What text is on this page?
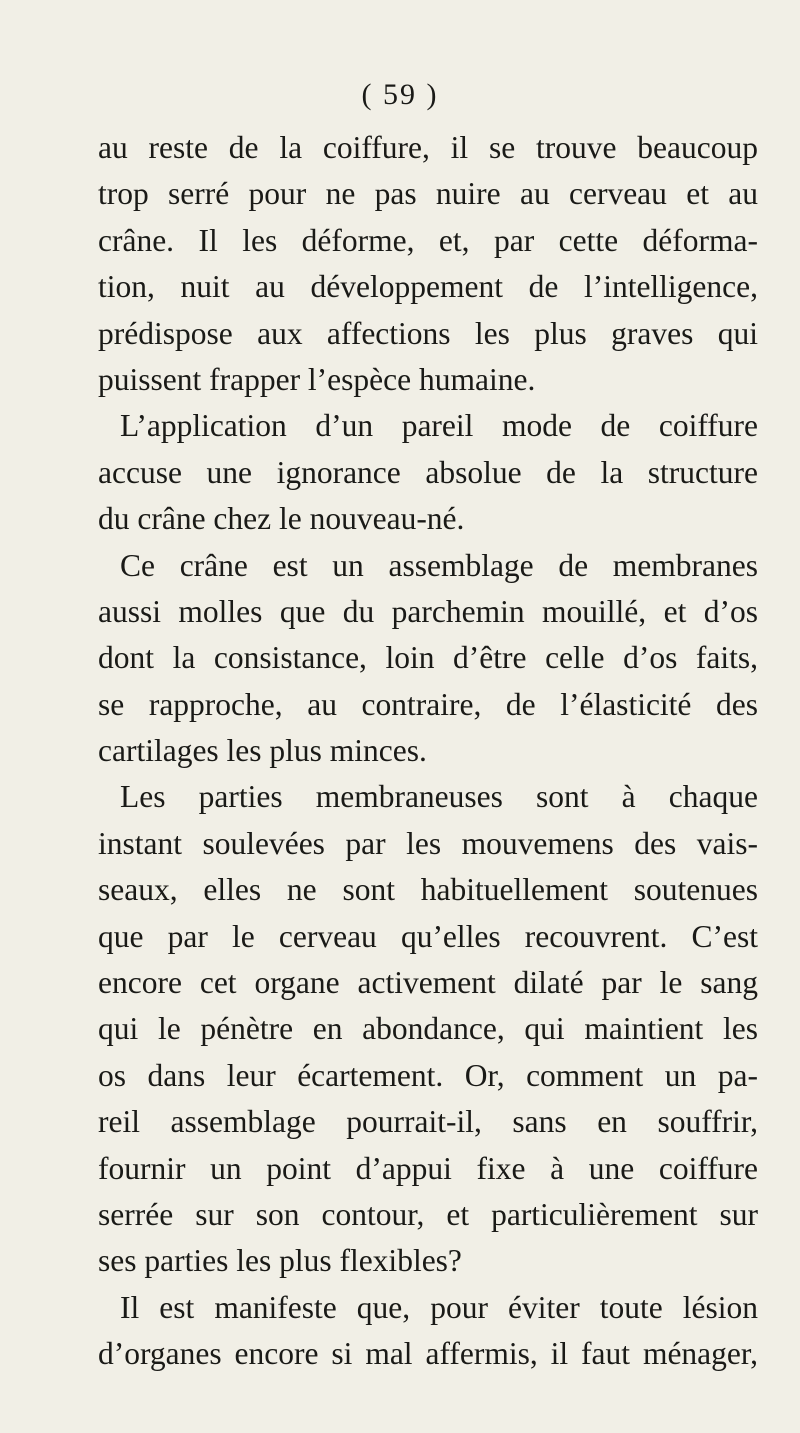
( 59 )
au reste de la coiffure, il se trouve beaucoup
trop serré pour ne pas nuire au cerveau et au
crâne. Il les déforme, et, par cette déforma-
tion, nuit au développement de l’intelligence,
prédispose aux affections les plus graves qui
puissent frapper l’espèce humaine.
L’application d’un pareil mode de coiffure
accuse une ignorance absolue de la structure
du crâne chez le nouveau-né.
Ce crâne est un assemblage de membranes
aussi molles que du parchemin mouillé, et d’os
dont la consistance, loin d’être celle d’os faits,
se rapproche, au contraire, de l’élasticité des
cartilages les plus minces.
Les parties membraneuses sont à chaque
instant soulevées par les mouvemens des vais-
seaux, elles ne sont habituellement soutenues
que par le cerveau qu’elles recouvrent. C’est
encore cet organe activement dilaté par le sang
qui le pénètre en abondance, qui maintient les
os dans leur écartement. Or, comment un pa-
reil assemblage pourrait-il, sans en souffrir,
fournir un point d’appui fixe à une coiffure
serrée sur son contour, et particulièrement sur
ses parties les plus flexibles?
Il est manifeste que, pour éviter toute lésion
d’organes encore si mal affermis, il faut ménager,
